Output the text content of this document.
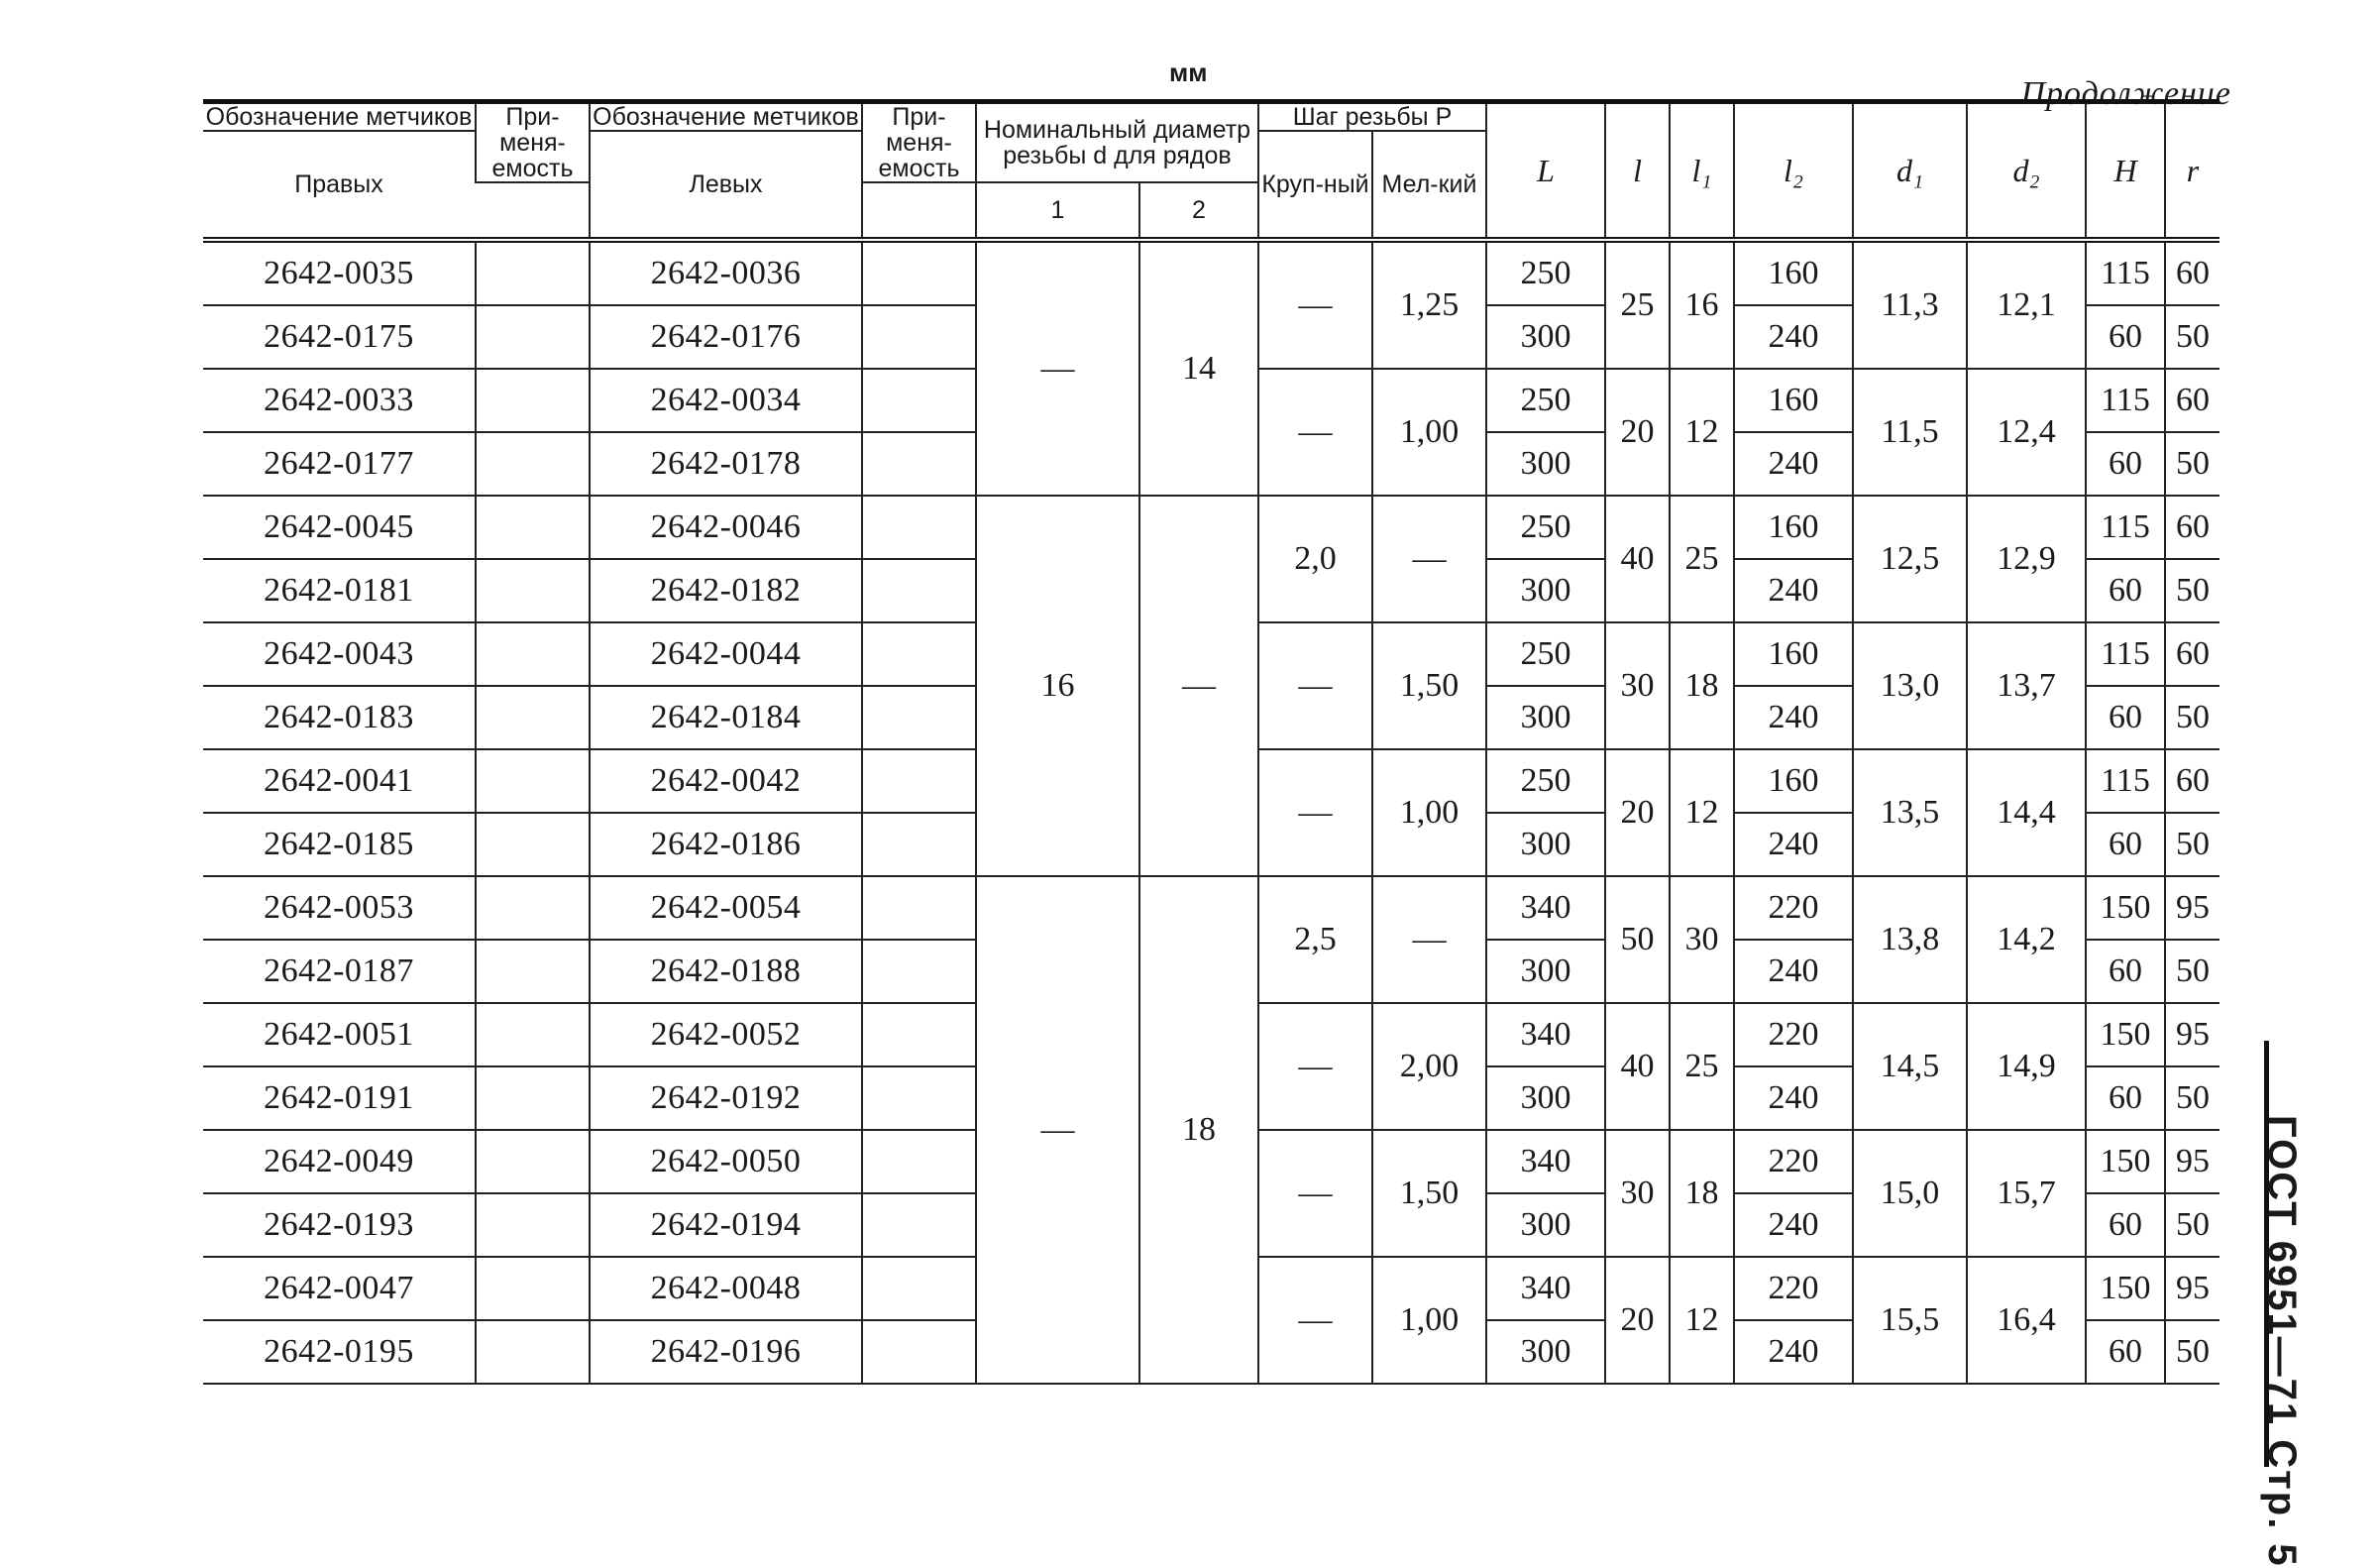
мм
Продолжение
Обозначение метчиков	При-меня-емость	Обозначение метчиков	При-меня-емость	Номинальный диаметр резьбы d для рядов		Шаг резьбы P		L	l	l₁	l₂	d₁	d₂	H	r
Правых		Левых				Круп-ный	Мел-кий								
				1	2										
2642-0035		2642-0036		—	14	—	1,25	250	25	16	160	11,3	12,1	115	60
2642-0175		2642-0176						300			240			60	50
2642-0033		2642-0034				—	1,00	250	20	12	160	11,5	12,4	115	60
2642-0177		2642-0178						300			240			60	50
2642-0045		2642-0046		16	—	2,0	—	250	40	25	160	12,5	12,9	115	60
2642-0181		2642-0182						300			240			60	50
2642-0043		2642-0044				—	1,50	250	30	18	160	13,0	13,7	115	60
2642-0183		2642-0184						300			240			60	50
2642-0041		2642-0042				—	1,00	250	20	12	160	13,5	14,4	115	60
2642-0185		2642-0186						300			240			60	50
2642-0053		2642-0054		—	18	2,5	—	340	50	30	220	13,8	14,2	150	95
2642-0187		2642-0188						300			240			60	50
2642-0051		2642-0052				—	2,00	340	40	25	220	14,5	14,9	150	95
2642-0191		2642-0192						300			240			60	50
2642-0049		2642-0050				—	1,50	340	30	18	220	15,0	15,7	150	95
2642-0193		2642-0194						300			240			60	50
2642-0047		2642-0048				—	1,00	340	20	12	220	15,5	16,4	150	95
2642-0195		2642-0196						300			240			60	50 ГОСТ 6951—71 Стр. 5
